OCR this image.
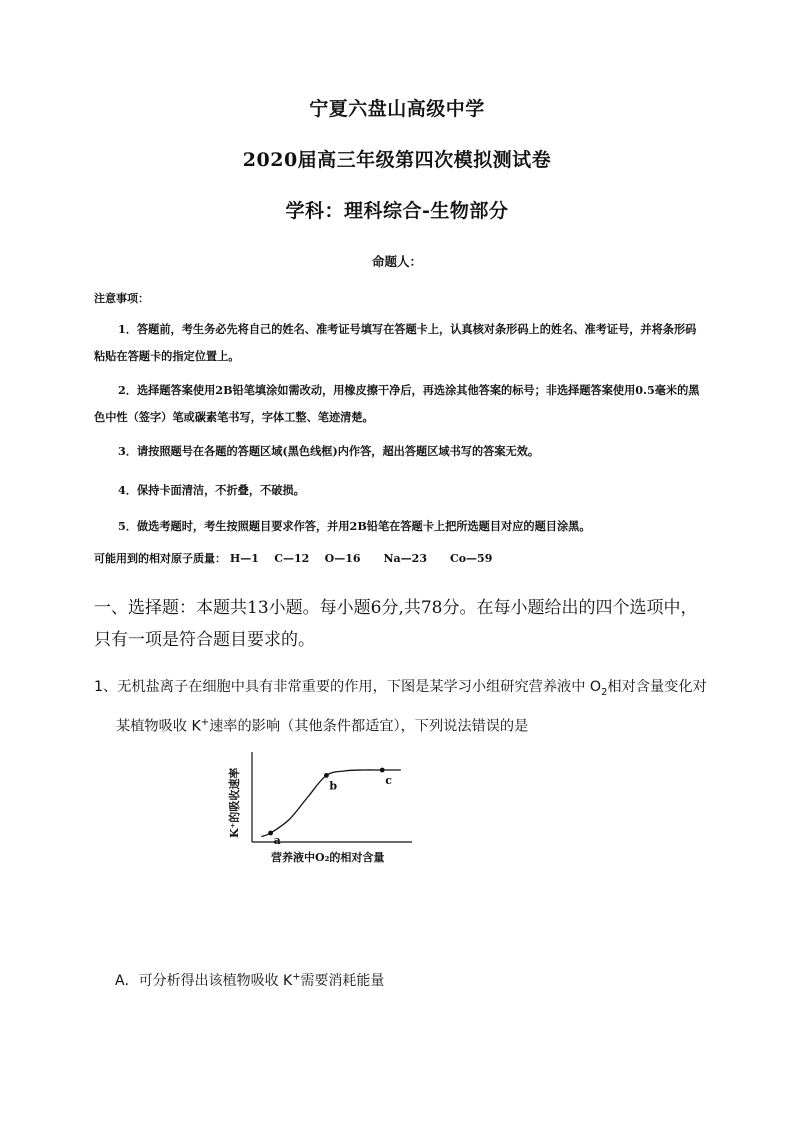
宁夏六盘山高级中学
2020届高三年级第四次模拟测试卷
学科：理科综合-生物部分
命题人：
注意事项：

1．答题前，考生务必先将自己的姓名、准考证号填写在答题卡上，认真核对条形码上的姓名、准考证号，并将条形码粘贴在答题卡的指定位置上。

2．选择题答案使用2B铅笔填涂如需改动，用橡皮擦干净后，再选涂其他答案的标号；非选择题答案使用0.5毫米的黑色中性（签字）笔或碳素笔书写，字体工整、笔迹清楚。

3．请按照题号在各题的答题区域(黑色线框)内作答，超出答题区域书写的答案无效。

4．保持卡面清洁，不折叠，不破损。

5．做选考题时，考生按照题目要求作答，并用2B铅笔在答题卡上把所选题目对应的题目涂黑。

可能用到的相对原子质量： H—1 C—12 O—16 Na—23 Co—59

一、选择题：本题共13小题。每小题6分,共78分。在每小题给出的四个选项中，只有一项是符合题目要求的。

1、无机盐离子在细胞中具有非常重要的作用，下图是某学习小组研究营养液中 $O_2$相对含量变化对
某植物吸收 K+速率的影响（其他条件都适宜），下列说法错误的是

K⁺的吸收速率
营养液中O₂的相对含量
a
b	c
A．可分析得出该植物吸收 K+需要消耗能量
